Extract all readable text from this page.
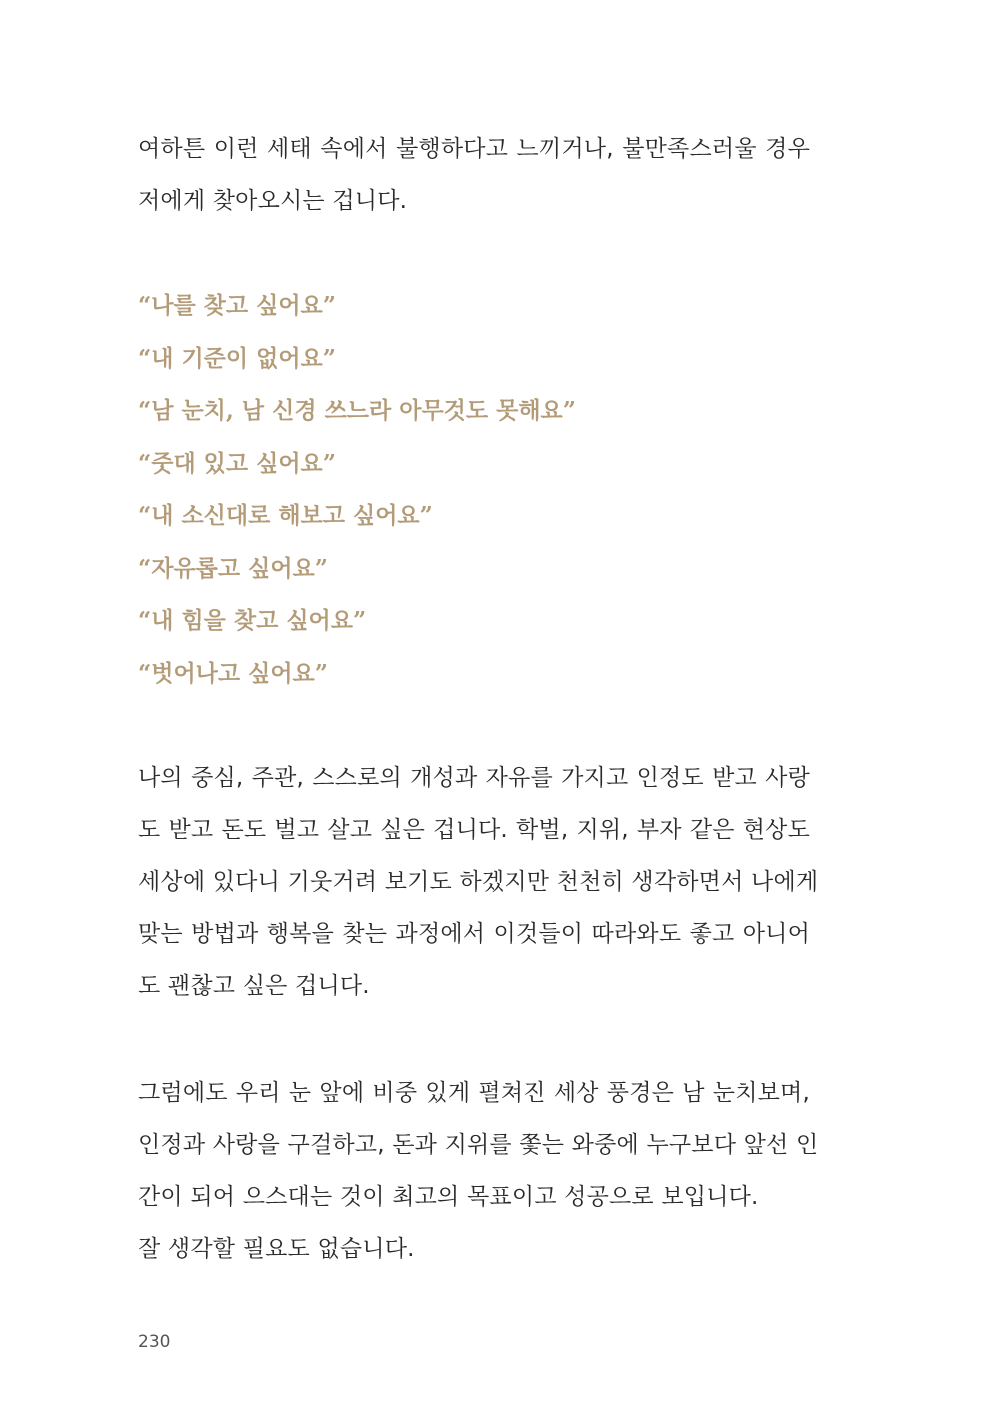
여하튼 이런 세태 속에서 불행하다고 느끼거나, 불만족스러울 경우
저에게 찾아오시는 겁니다.
“나를 찾고 싶어요”
“내 기준이 없어요”
“남 눈치, 남 신경 쓰느라 아무것도 못해요”
“줏대 있고 싶어요”
“내 소신대로 해보고 싶어요”
“자유롭고 싶어요”
“내 힘을 찾고 싶어요”
“벗어나고 싶어요”
나의 중심, 주관, 스스로의 개성과 자유를 가지고 인정도 받고 사랑
도 받고 돈도 벌고 살고 싶은 겁니다. 학벌, 지위, 부자 같은 현상도
세상에 있다니 기웃거려 보기도 하겠지만 천천히 생각하면서 나에게
맞는 방법과 행복을 찾는 과정에서 이것들이 따라와도 좋고 아니어
도 괜찮고 싶은 겁니다.
그럼에도 우리 눈 앞에 비중 있게 펼쳐진 세상 풍경은 남 눈치보며,
인정과 사랑을 구걸하고, 돈과 지위를 쫓는 와중에 누구보다 앞선 인
간이 되어 으스대는 것이 최고의 목표이고 성공으로 보입니다.
잘 생각할 필요도 없습니다.
230
